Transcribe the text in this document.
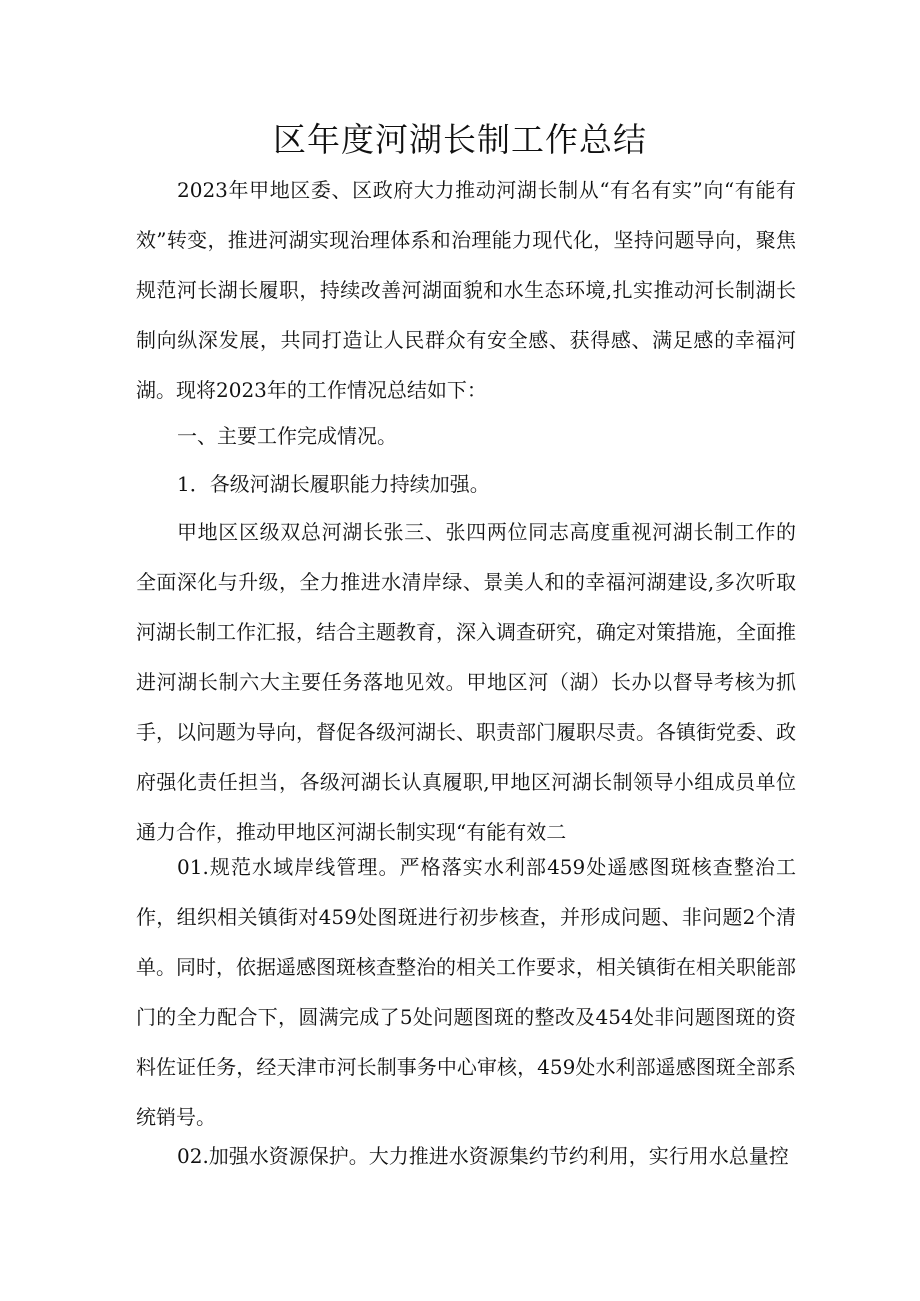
区年度河湖长制工作总结

2023年甲地区委、区政府大力推动河湖长制从“有名有实”向“有能有效”转变，推进河湖实现治理体系和治理能力现代化，坚持问题导向，聚焦规范河长湖长履职，持续改善河湖面貌和水生态环境,扎实推动河长制湖长制向纵深发展，共同打造让人民群众有安全感、获得感、满足感的幸福河湖。现将2023年的工作情况总结如下：

一、主要工作完成情况。

1．各级河湖长履职能力持续加强。

甲地区区级双总河湖长张三、张四两位同志高度重视河湖长制工作的全面深化与升级，全力推进水清岸绿、景美人和的幸福河湖建设,多次听取河湖长制工作汇报，结合主题教育，深入调查研究，确定对策措施，全面推进河湖长制六大主要任务落地见效。甲地区河（湖）长办以督导考核为抓手，以问题为导向，督促各级河湖长、职责部门履职尽责。各镇街党委、政府强化责任担当，各级河湖长认真履职,甲地区河湖长制领导小组成员单位通力合作，推动甲地区河湖长制实现“有能有效二

01.规范水域岸线管理。严格落实水利部459处遥感图斑核查整治工作，组织相关镇街对459处图斑进行初步核查，并形成问题、非问题2个清单。同时，依据遥感图斑核查整治的相关工作要求，相关镇街在相关职能部门的全力配合下，圆满完成了5处问题图斑的整改及454处非问题图斑的资料佐证任务，经天津市河长制事务中心审核，459处水利部遥感图斑全部系统销号。

02.加强水资源保护。大力推进水资源集约节约利用，实行用水总量控
